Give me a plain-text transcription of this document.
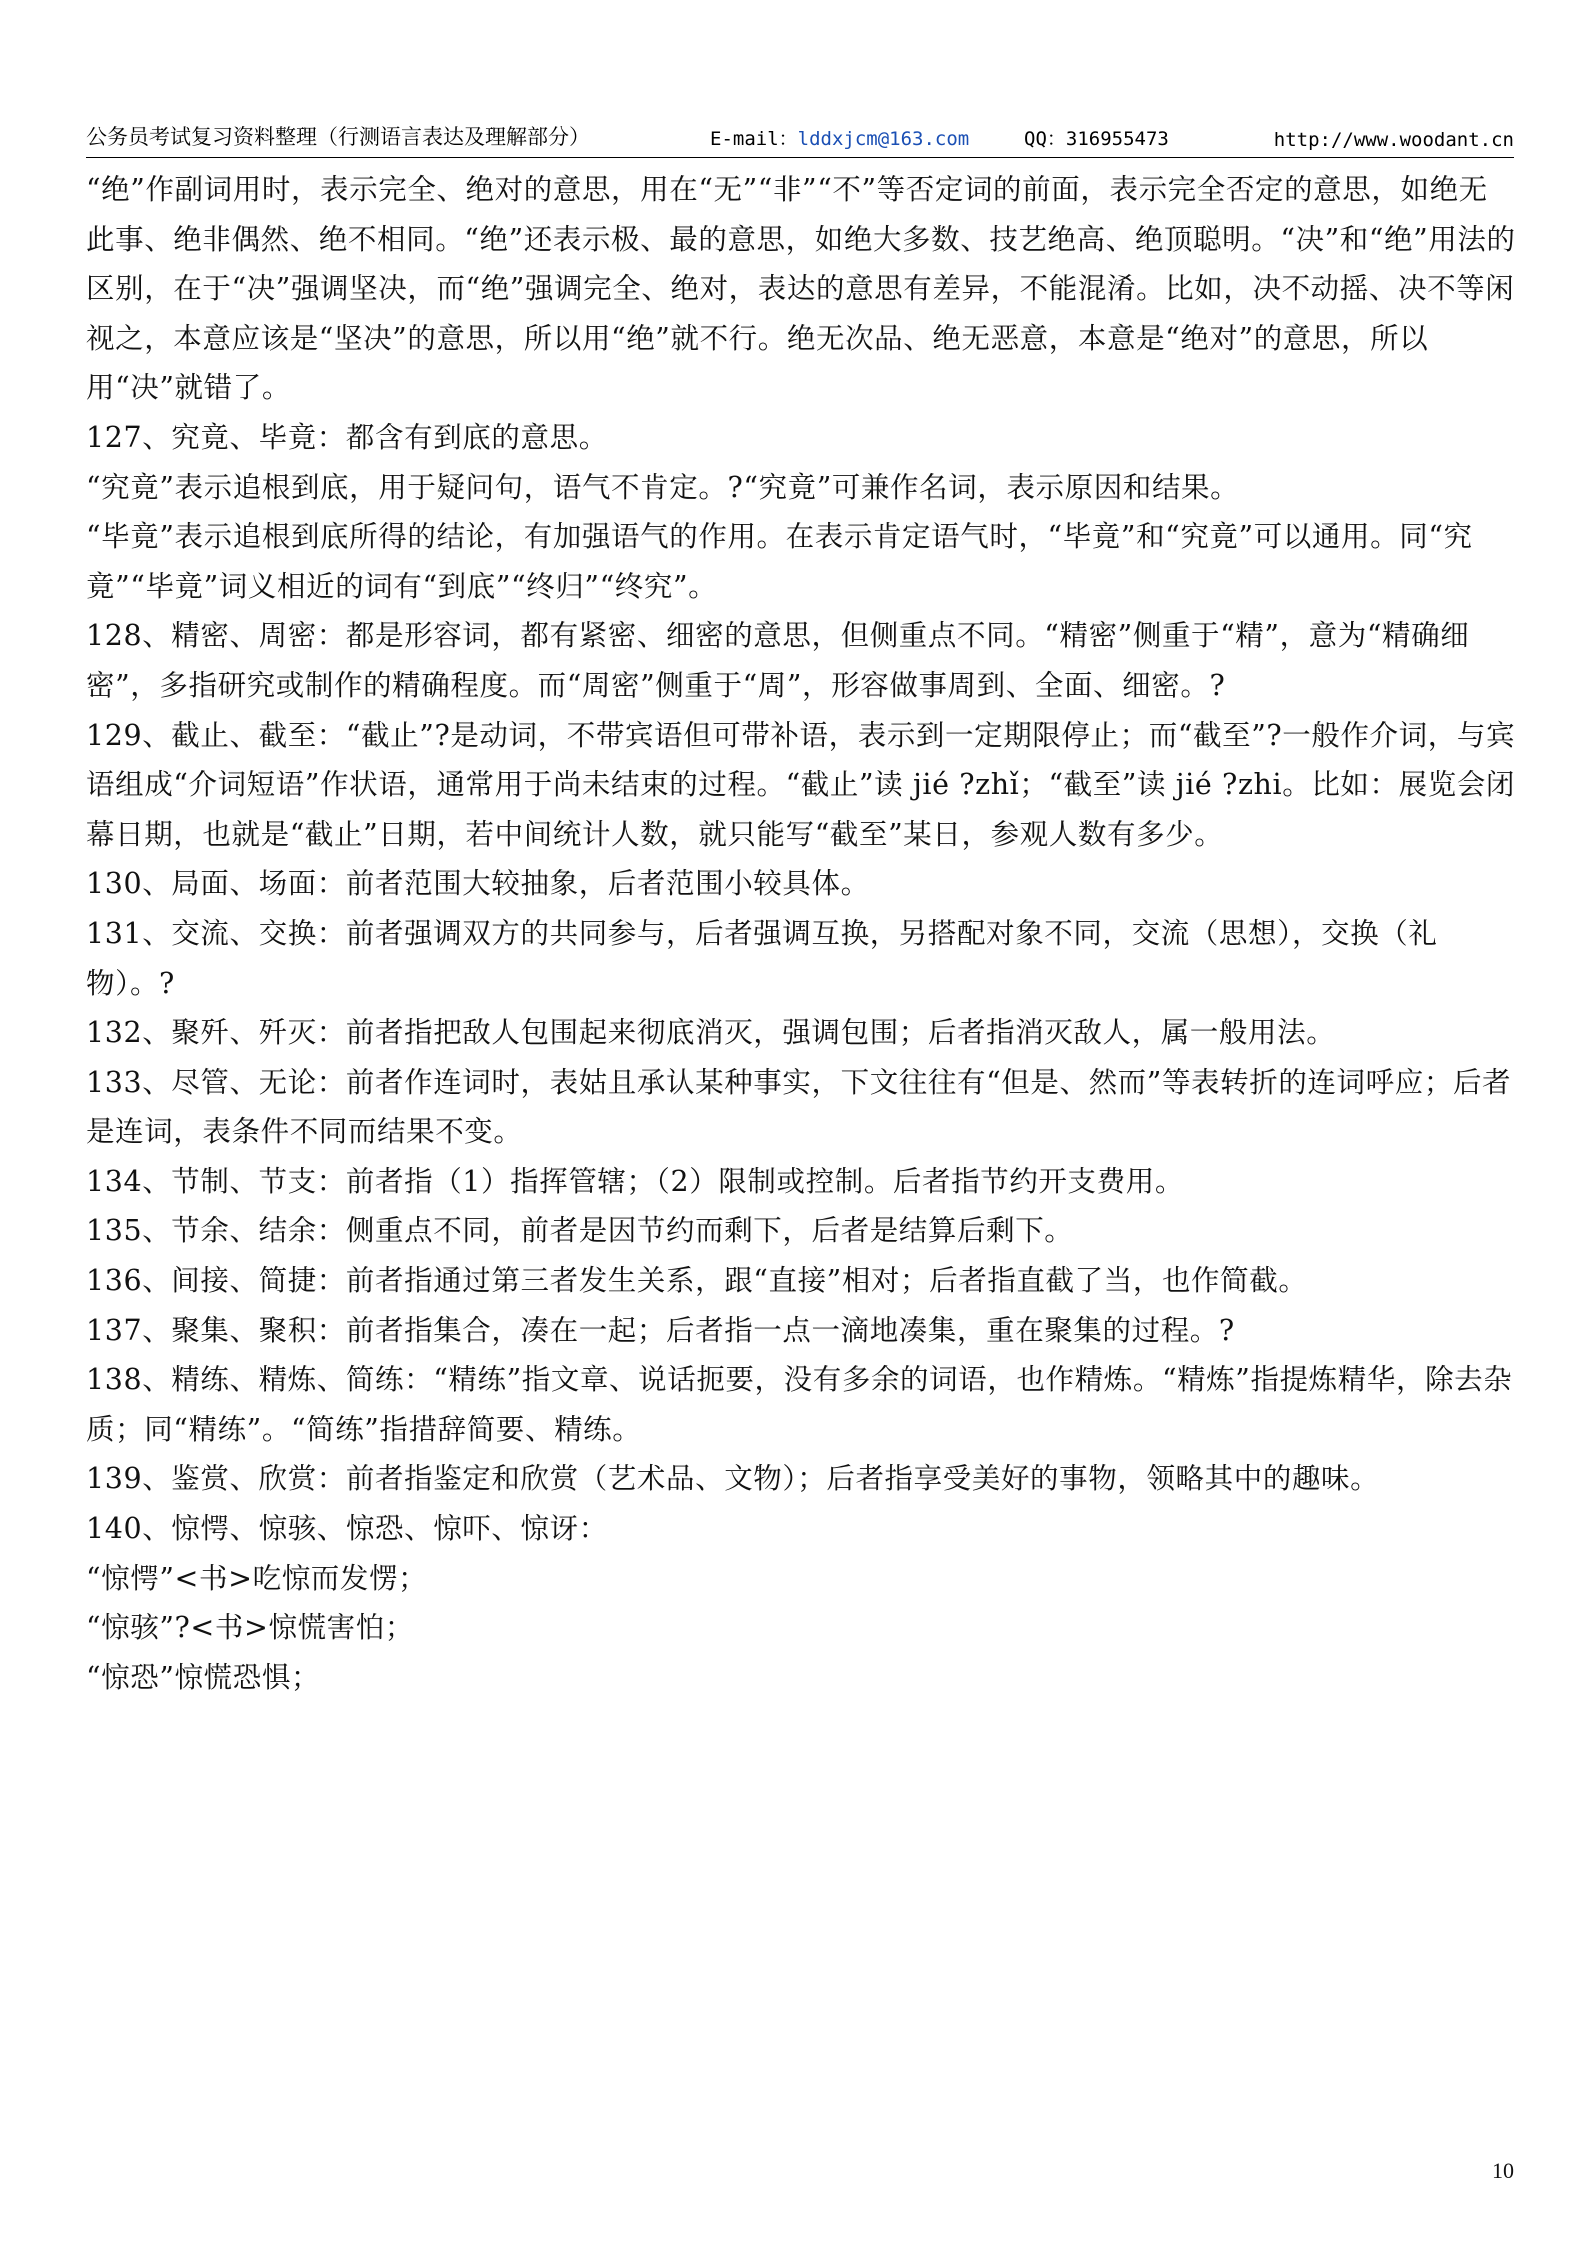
公务员考试复习资料整理（行测语言表达及理解部分）	E-mail：lddxjcm@163.com	QQ：316955473	http://www.woodant.cn

“绝”作副词用时，表示完全、绝对的意思，用在“无”“非”“不”等否定词的前面，表示完全否定的意思，如绝无此事、绝非偶然、绝不相同。“绝”还表示极、最的意思，如绝大多数、技艺绝高、绝顶聪明。“决”和“绝”用法的区别，在于“决”强调坚决，而“绝”强调完全、绝对，表达的意思有差异，不能混淆。比如，决不动摇、决不等闲视之，本意应该是“坚决”的意思，所以用“绝”就不行。绝无次品、绝无恶意，本意是“绝对”的意思，所以用“决”就错了。

127、究竟、毕竟：都含有到底的意思。

“究竟”表示追根到底，用于疑问句，语气不肯定。?“究竟”可兼作名词，表示原因和结果。

“毕竟”表示追根到底所得的结论，有加强语气的作用。在表示肯定语气时，“毕竟”和“究竟”可以通用。同“究竟”“毕竟”词义相近的词有“到底”“终归”“终究”。

128、精密、周密：都是形容词，都有紧密、细密的意思，但侧重点不同。“精密”侧重于“精”，意为“精确细密”，多指研究或制作的精确程度。而“周密”侧重于“周”，形容做事周到、全面、细密。?

129、截止、截至：“截止”?是动词，不带宾语但可带补语，表示到一定期限停止；而“截至”?一般作介词，与宾语组成“介词短语”作状语，通常用于尚未结束的过程。“截止”读 jié ?zhǐ；“截至”读 jié ?zhi。比如：展览会闭幕日期，也就是“截止”日期，若中间统计人数，就只能写“截至”某日，参观人数有多少。

130、局面、场面：前者范围大较抽象，后者范围小较具体。

131、交流、交换：前者强调双方的共同参与，后者强调互换，另搭配对象不同，交流（思想），交换（礼物）。?

132、聚歼、歼灭：前者指把敌人包围起来彻底消灭，强调包围；后者指消灭敌人，属一般用法。

133、尽管、无论：前者作连词时，表姑且承认某种事实，下文往往有“但是、然而”等表转折的连词呼应；后者是连词，表条件不同而结果不变。

134、节制、节支：前者指（1）指挥管辖；（2）限制或控制。后者指节约开支费用。

135、节余、结余：侧重点不同，前者是因节约而剩下，后者是结算后剩下。

136、间接、简捷：前者指通过第三者发生关系，跟“直接”相对；后者指直截了当，也作简截。

137、聚集、聚积：前者指集合，凑在一起；后者指一点一滴地凑集，重在聚集的过程。?

138、精练、精炼、简练：“精练”指文章、说话扼要，没有多余的词语，也作精炼。“精炼”指提炼精华，除去杂质；同“精练”。“简练”指措辞简要、精练。

139、鉴赏、欣赏：前者指鉴定和欣赏（艺术品、文物）；后者指享受美好的事物，领略其中的趣味。

140、惊愕、惊骇、惊恐、惊吓、惊讶：

“惊愕”<书>吃惊而发愣；

“惊骇”?<书>惊慌害怕；

“惊恐”惊慌恐惧；

10
